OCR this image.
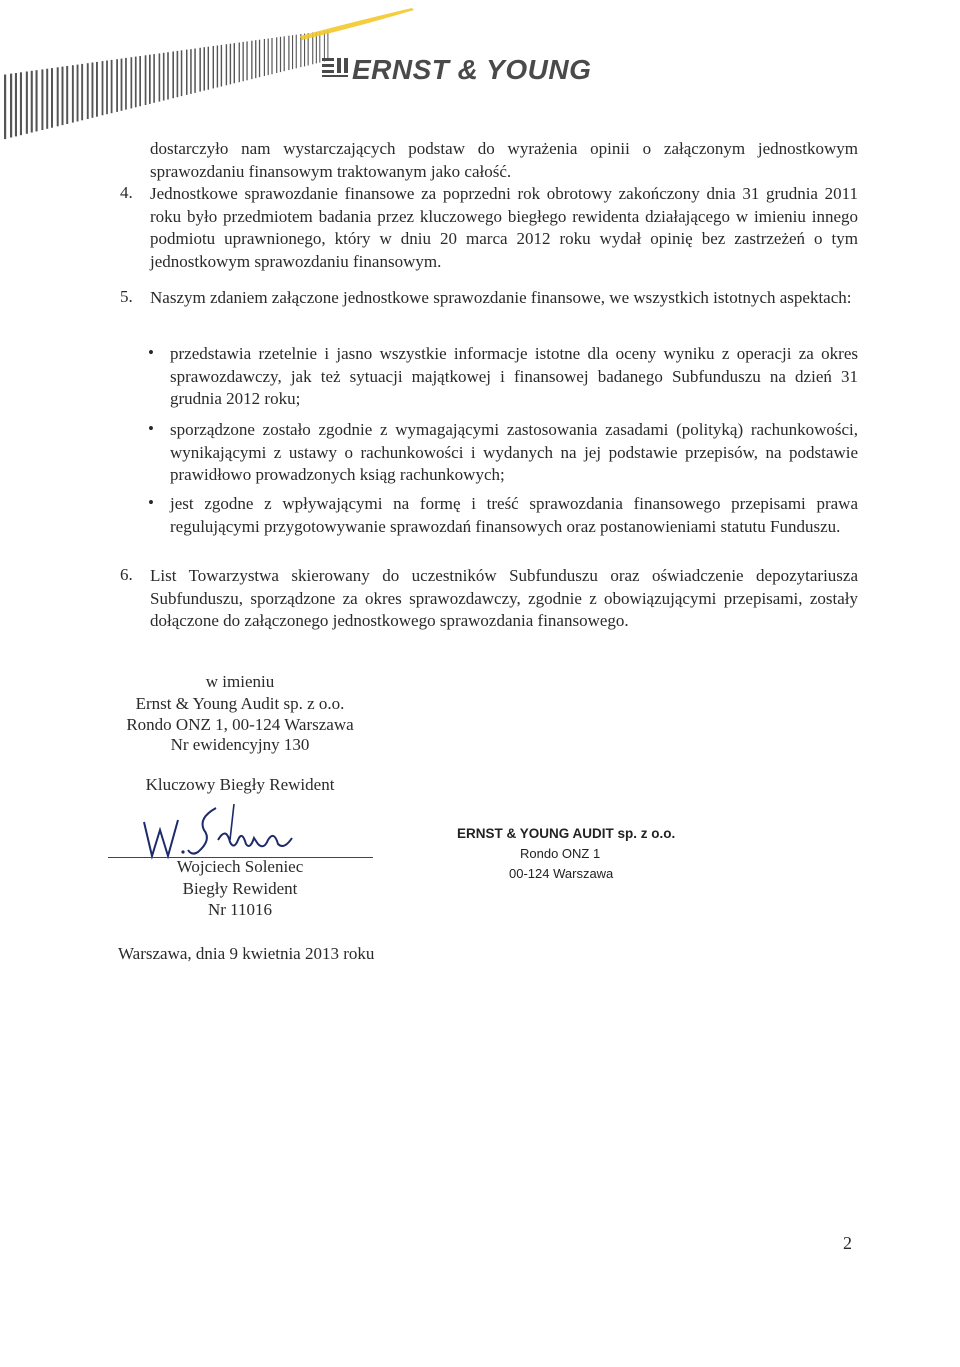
ERNST & YOUNG
dostarczyło nam wystarczających podstaw do wyrażenia opinii o załączonym jednostkowym sprawozdaniu finansowym traktowanym jako całość.
4. Jednostkowe sprawozdanie finansowe za poprzedni rok obrotowy zakończony dnia 31 grudnia 2011 roku było przedmiotem badania przez kluczowego biegłego rewidenta działającego w imieniu innego podmiotu uprawnionego, który w dniu 20 marca 2012 roku wydał opinię bez zastrzeżeń o tym jednostkowym sprawozdaniu finansowym.
5. Naszym zdaniem załączone jednostkowe sprawozdanie finansowe, we wszystkich istotnych aspektach:
• przedstawia rzetelnie i jasno wszystkie informacje istotne dla oceny wyniku z operacji za okres sprawozdawczy, jak też sytuacji majątkowej i finansowej badanego Subfunduszu na dzień 31 grudnia 2012 roku;
• sporządzone zostało zgodnie z wymagającymi zastosowania zasadami (polityką) rachunkowości, wynikającymi z ustawy o rachunkowości i wydanych na jej podstawie przepisów, na podstawie prawidłowo prowadzonych ksiąg rachunkowych;
• jest zgodne z wpływającymi na formę i treść sprawozdania finansowego przepisami prawa regulującymi przygotowywanie sprawozdań finansowych oraz postanowieniami statutu Funduszu.
6. List Towarzystwa skierowany do uczestników Subfunduszu oraz oświadczenie depozytariusza Subfunduszu, sporządzone za okres sprawozdawczy, zgodnie z obowiązującymi przepisami, zostały dołączone do załączonego jednostkowego sprawozdania finansowego.
w imieniu
Ernst & Young Audit sp. z o.o.
Rondo ONZ 1, 00-124 Warszawa
Nr ewidencyjny 130
Kluczowy Biegły Rewident
Wojciech Soleniec
Biegły Rewident
Nr 11016
ERNST & YOUNG AUDIT sp. z o.o.
Rondo ONZ 1
00-124 Warszawa
Warszawa, dnia 9 kwietnia 2013 roku
2
